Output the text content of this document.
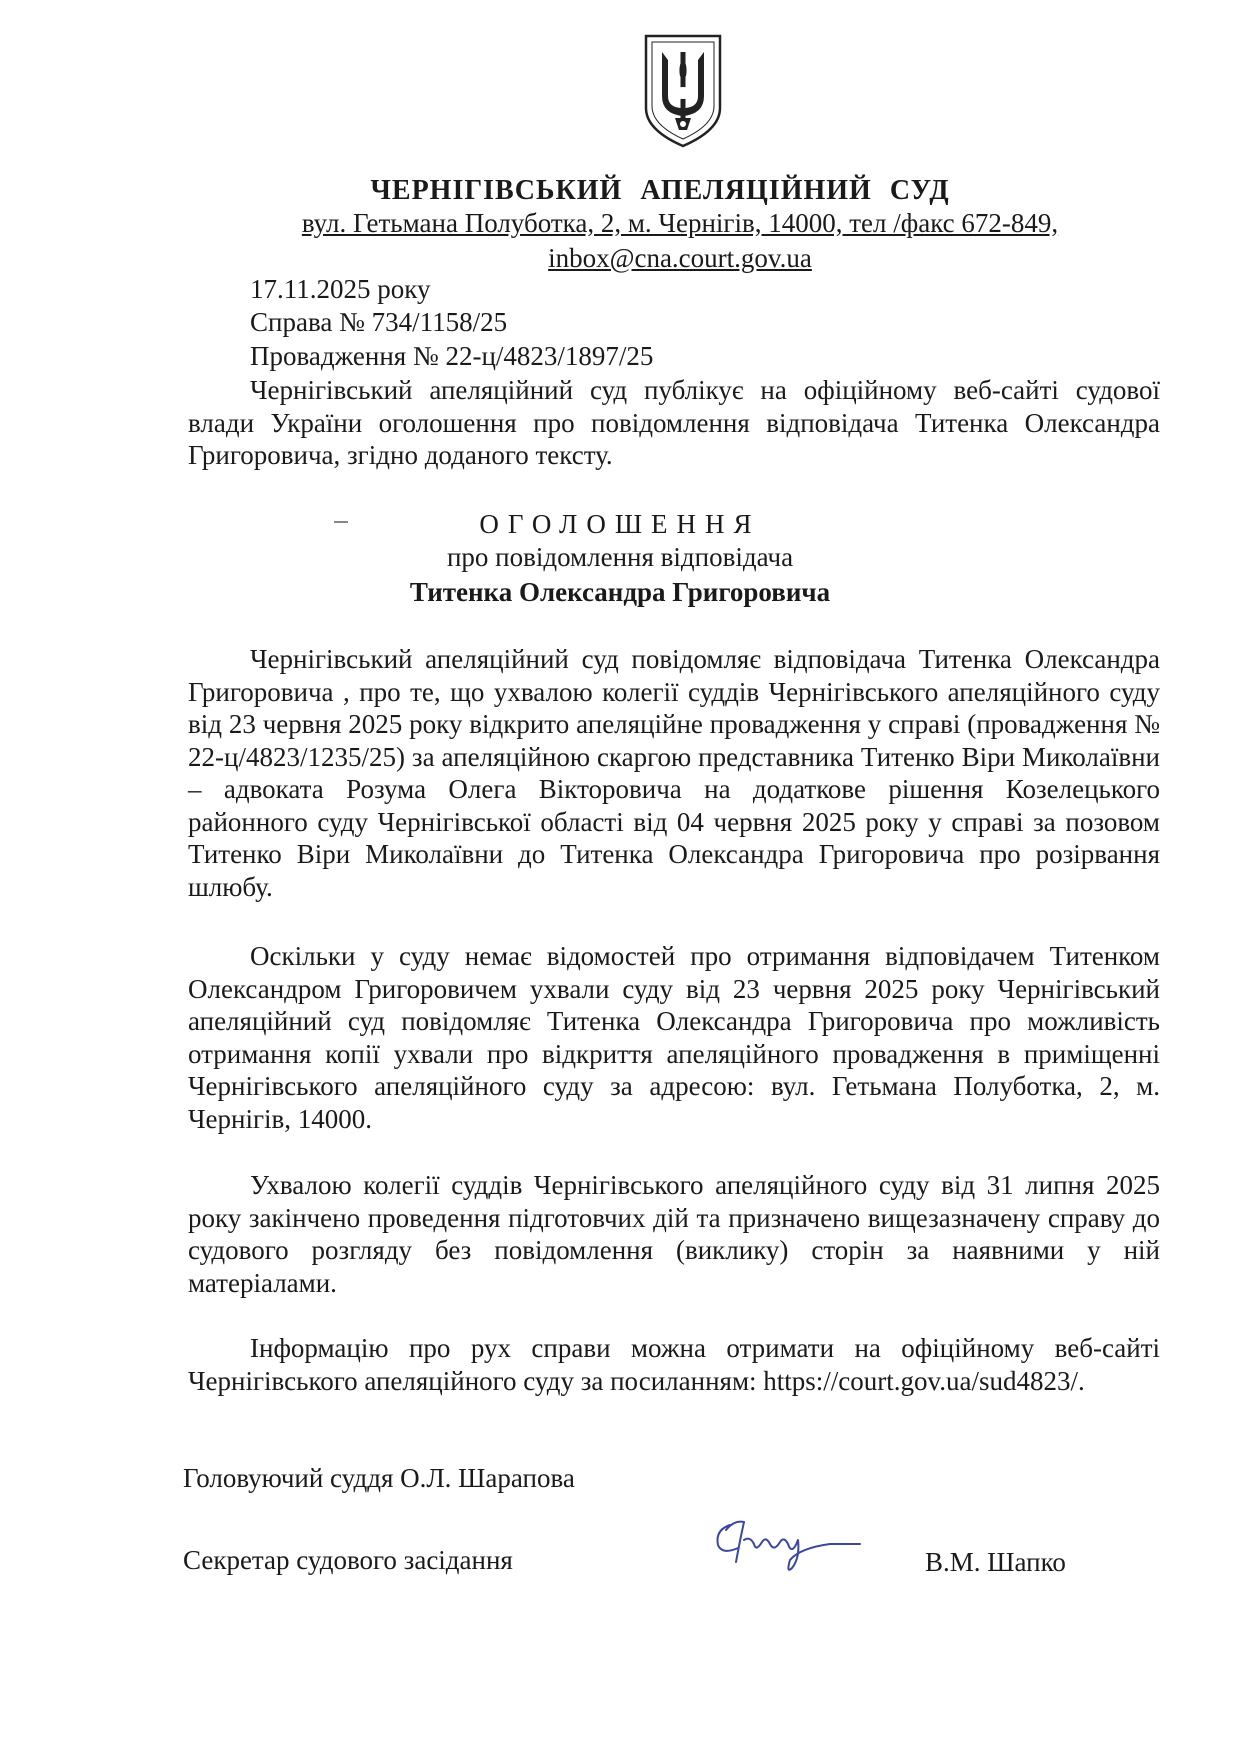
ЧЕРНІГІВСЬКИЙ АПЕЛЯЦІЙНИЙ СУД
вул. Гетьмана Полуботка, 2, м. Чернігів, 14000, тел /факс 672-849,
inbox@cna.court.gov.ua
17.11.2025 року
Справа № 734/1158/25
Провадження № 22-ц/4823/1897/25
Чернігівський апеляційний суд публікує на офіційному веб-сайті судової влади України оголошення про повідомлення відповідача Титенка Олександра Григоровича, згідно доданого тексту.
ОГОЛОШЕННЯ
про повідомлення відповідача
Титенка Олександра Григоровича
Чернігівський апеляційний суд повідомляє відповідача Титенка Олександра Григоровича , про те, що ухвалою колегії суддів Чернігівського апеляційного суду від 23 червня 2025 року відкрито апеляційне провадження у справі (провадження № 22-ц/4823/1235/25) за апеляційною скаргою представника Титенко Віри Миколаївни – адвоката Розума Олега Вікторовича на додаткове рішення Козелецького районного суду Чернігівської області від 04 червня 2025 року у справі за позовом Титенко Віри Миколаївни до Титенка Олександра Григоровича про розірвання шлюбу.
Оскільки у суду немає відомостей про отримання відповідачем Титенком Олександром Григоровичем ухвали суду від 23 червня 2025 року Чернігівський апеляційний суд повідомляє Титенка Олександра Григоровича про можливість отримання копії ухвали про відкриття апеляційного провадження в приміщенні Чернігівського апеляційного суду за адресою: вул. Гетьмана Полуботка, 2, м. Чернігів, 14000.
Ухвалою колегії суддів Чернігівського апеляційного суду від 31 липня 2025 року закінчено проведення підготовчих дій та призначено вищезазначену справу до судового розгляду без повідомлення (виклику) сторін за наявними у ній матеріалами.
Інформацію про рух справи можна отримати на офіційному веб-сайті Чернігівського апеляційного суду за посиланням: https://court.gov.ua/sud4823/.
Головуючий суддя О.Л. Шарапова
Секретар судового засідання	В.М. Шапко
